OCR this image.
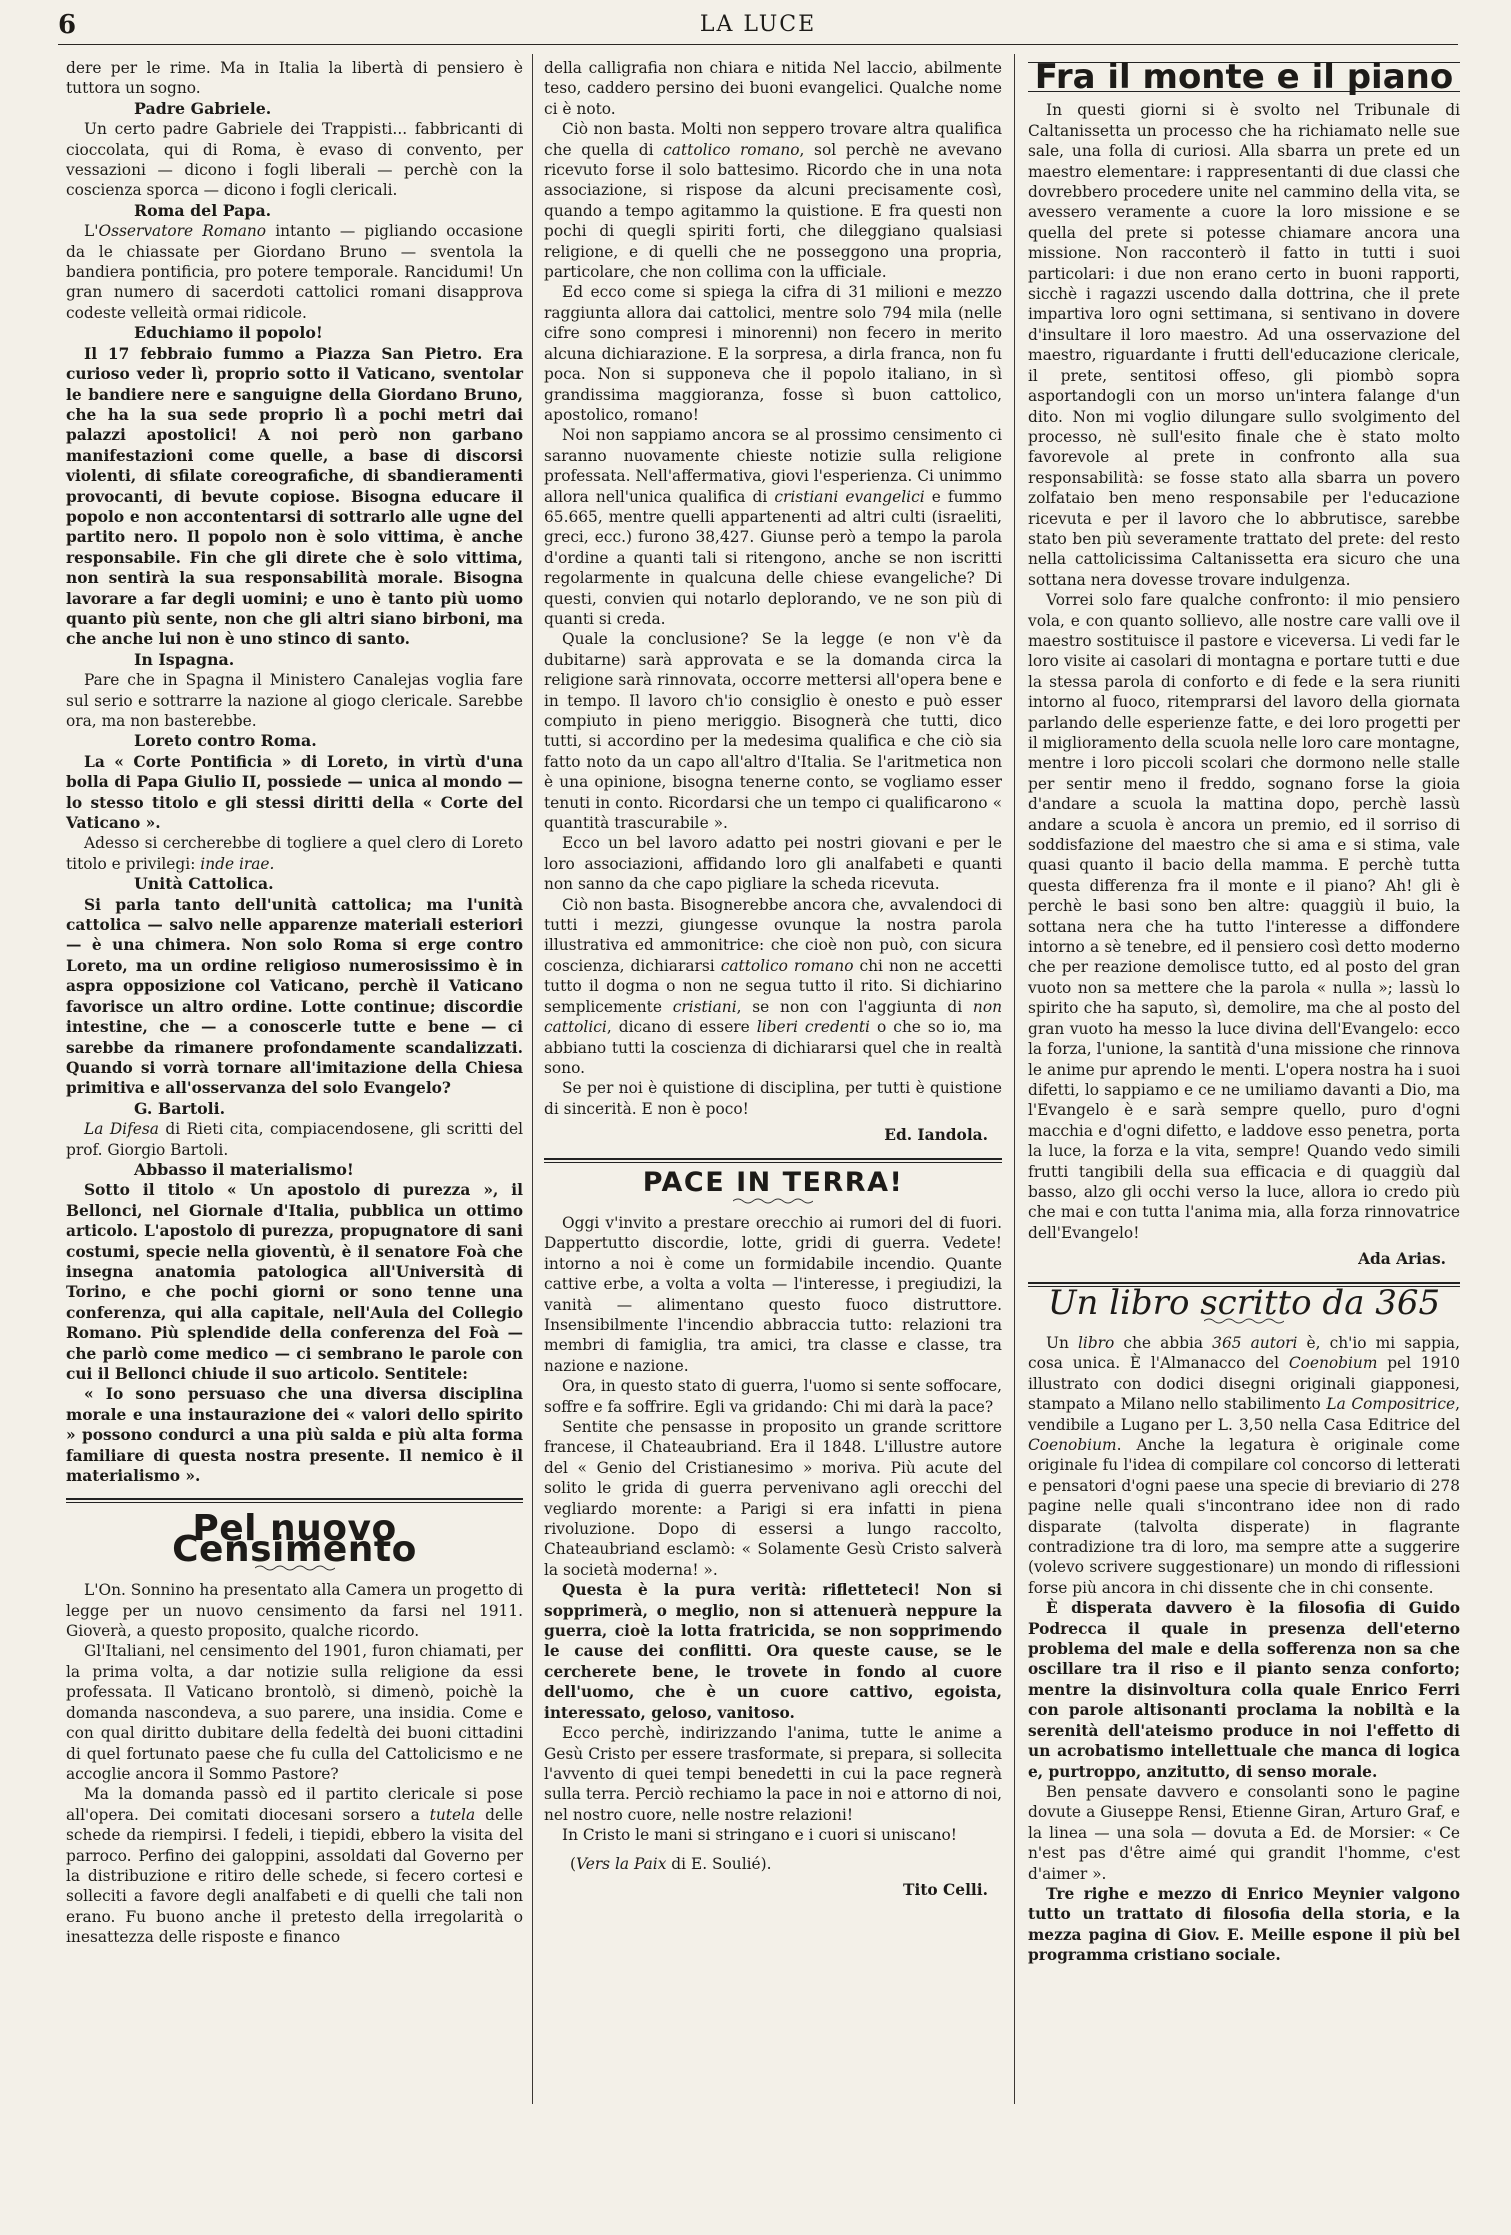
6	LA LUCE

dere per le rime. Ma in Italia la libertà di pensiero è tuttora un sogno.

Padre Gabriele.

Un certo padre Gabriele dei Trappisti... fabbricanti di cioccolata, qui di Roma, è evaso di convento, per vessazioni — dicono i fogli liberali — perchè con la coscienza sporca — dicono i fogli clericali.

Roma del Papa.

L'Osservatore Romano intanto — pigliando occasione da le chiassate per Giordano Bruno — sventola la bandiera pontificia, pro potere temporale. Rancidumi! Un gran numero di sacerdoti cattolici romani disapprova codeste velleità ormai ridicole.

Educhiamo il popolo!

Il 17 febbraio fummo a Piazza San Pietro. Era curioso veder lì, proprio sotto il Vaticano, sventolar le bandiere nere e sanguigne della Giordano Bruno, che ha la sua sede proprio lì a pochi metri dai palazzi apostolici! A noi però non garbano manifestazioni come quelle, a base di discorsi violenti, di sfilate coreografiche, di sbandieramenti provocanti, di bevute copiose. Bisogna educare il popolo e non accontentarsi di sottrarlo alle ugne del partito nero. Il popolo non è solo vittima, è anche responsabile. Fin che gli direte che è solo vittima, non sentirà la sua responsabilità morale. Bisogna lavorare a far degli uomini; e uno è tanto più uomo quanto più sente, non che gli altri siano birboni, ma che anche lui non è uno stinco di santo.

In Ispagna.

Pare che in Spagna il Ministero Canalejas voglia fare sul serio e sottrarre la nazione al giogo clericale. Sarebbe ora, ma non basterebbe.

Loreto contro Roma.

La « Corte Pontificia » di Loreto, in virtù d'una bolla di Papa Giulio II, possiede — unica al mondo — lo stesso titolo e gli stessi diritti della « Corte del Vaticano ».

Adesso si cercherebbe di togliere a quel clero di Loreto titolo e privilegi: inde irae.

Unità Cattolica.

Si parla tanto dell'unità cattolica; ma l'unità cattolica — salvo nelle apparenze materiali esteriori — è una chimera. Non solo Roma si erge contro Loreto, ma un ordine religioso numerosissimo è in aspra opposizione col Vaticano, perchè il Vaticano favorisce un altro ordine. Lotte continue; discordie intestine, che — a conoscerle tutte e bene — ci sarebbe da rimanere profondamente scandalizzati. Quando si vorrà tornare all'imitazione della Chiesa primitiva e all'osservanza del solo Evangelo?

G. Bartoli.

La Difesa di Rieti cita, compiacendosene, gli scritti del prof. Giorgio Bartoli.

Abbasso il materialismo!

Sotto il titolo « Un apostolo di purezza », il Bellonci, nel Giornale d'Italia, pubblica un ottimo articolo. L'apostolo di purezza, propugnatore di sani costumi, specie nella gioventù, è il senatore Foà che insegna anatomia patologica all'Università di Torino, e che pochi giorni or sono tenne una conferenza, qui alla capitale, nell'Aula del Collegio Romano. Più splendide della conferenza del Foà — che parlò come medico — ci sembrano le parole con cui il Bellonci chiude il suo articolo. Sentitele:

« Io sono persuaso che una diversa disciplina morale e una instaurazione dei « valori dello spirito » possono condurci a una più salda e più alta forma familiare di questa nostra presente. Il nemico è il materialismo ».

Pel nuovo Censimento

L'On. Sonnino ha presentato alla Camera un progetto di legge per un nuovo censimento da farsi nel 1911. Gioverà, a questo proposito, qualche ricordo.

Gl'Italiani, nel censimento del 1901, furon chiamati, per la prima volta, a dar notizie sulla religione da essi professata. Il Vaticano brontolò, si dimenò, poichè la domanda nascondeva, a suo parere, una insidia. Come e con qual diritto dubitare della fedeltà dei buoni cittadini di quel fortunato paese che fu culla del Cattolicismo e ne accoglie ancora il Sommo Pastore?

Ma la domanda passò ed il partito clericale si pose all'opera. Dei comitati diocesani sorsero a tutela delle schede da riempirsi. I fedeli, i tiepidi, ebbero la visita del parroco. Perfino dei galoppini, assoldati dal Governo per la distribuzione e ritiro delle schede, si fecero cortesi e solleciti a favore degli analfabeti e di quelli che tali non erano. Fu buono anche il pretesto della irregolarità o inesattezza delle risposte e financo

della calligrafia non chiara e nitida Nel laccio, abilmente teso, caddero persino dei buoni evangelici. Qualche nome ci è noto.

Ciò non basta. Molti non seppero trovare altra qualifica che quella di cattolico romano, sol perchè ne avevano ricevuto forse il solo battesimo. Ricordo che in una nota associazione, si rispose da alcuni precisamente così, quando a tempo agitammo la quistione. E fra questi non pochi di quegli spiriti forti, che dileggiano qualsiasi religione, e di quelli che ne posseggono una propria, particolare, che non collima con la ufficiale.

Ed ecco come si spiega la cifra di 31 milioni e mezzo raggiunta allora dai cattolici, mentre solo 794 mila (nelle cifre sono compresi i minorenni) non fecero in merito alcuna dichiarazione. E la sorpresa, a dirla franca, non fu poca. Non si supponeva che il popolo italiano, in sì grandissima maggioranza, fosse sì buon cattolico, apostolico, romano!

Noi non sappiamo ancora se al prossimo censimento ci saranno nuovamente chieste notizie sulla religione professata. Nell'affermativa, giovi l'esperienza. Ci unimmo allora nell'unica qualifica di cristiani evangelici e fummo 65.665, mentre quelli appartenenti ad altri culti (israeliti, greci, ecc.) furono 38,427. Giunse però a tempo la parola d'ordine a quanti tali si ritengono, anche se non iscritti regolarmente in qualcuna delle chiese evangeliche? Di questi, convien qui notarlo deplorando, ve ne son più di quanti si creda.

Quale la conclusione? Se la legge (e non v'è da dubitarne) sarà approvata e se la domanda circa la religione sarà rinnovata, occorre mettersi all'opera bene e in tempo. Il lavoro ch'io consiglio è onesto e può esser compiuto in pieno meriggio. Bisognerà che tutti, dico tutti, si accordino per la medesima qualifica e che ciò sia fatto noto da un capo all'altro d'Italia. Se l'aritmetica non è una opinione, bisogna tenerne conto, se vogliamo esser tenuti in conto. Ricordarsi che un tempo ci qualificarono « quantità trascurabile ».

Ecco un bel lavoro adatto pei nostri giovani e per le loro associazioni, affidando loro gli analfabeti e quanti non sanno da che capo pigliare la scheda ricevuta.

Ciò non basta. Bisognerebbe ancora che, avvalendoci di tutti i mezzi, giungesse ovunque la nostra parola illustrativa ed ammonitrice: che cioè non può, con sicura coscienza, dichiararsi cattolico romano chi non ne accetti tutto il dogma o non ne segua tutto il rito. Si dichiarino semplicemente cristiani, se non con l'aggiunta di non cattolici, dicano di essere liberi credenti o che so io, ma abbiano tutti la coscienza di dichiararsi quel che in realtà sono.

Se per noi è quistione di disciplina, per tutti è quistione di sincerità. E non è poco!

Ed. Iandola.

PACE IN TERRA!

Oggi v'invito a prestare orecchio ai rumori del di fuori. Dappertutto discordie, lotte, gridi di guerra. Vedete! intorno a noi è come un formidabile incendio. Quante cattive erbe, a volta a volta — l'interesse, i pregiudizi, la vanità — alimentano questo fuoco distruttore. Insensibilmente l'incendio abbraccia tutto: relazioni tra membri di famiglia, tra amici, tra classe e classe, tra nazione e nazione.

Ora, in questo stato di guerra, l'uomo si sente soffocare, soffre e fa soffrire. Egli va gridando: Chi mi darà la pace?

Sentite che pensasse in proposito un grande scrittore francese, il Chateaubriand. Era il 1848. L'illustre autore del « Genio del Cristianesimo » moriva. Più acute del solito le grida di guerra pervenivano agli orecchi del vegliardo morente: a Parigi si era infatti in piena rivoluzione. Dopo di essersi a lungo raccolto, Chateaubriand esclamò: « Solamente Gesù Cristo salverà la società moderna! ».

Questa è la pura verità: rifletteteci! Non si sopprimerà, o meglio, non si attenuerà neppure la guerra, cioè la lotta fratricida, se non sopprimendo le cause dei conflitti. Ora queste cause, se le cercherete bene, le trovete in fondo al cuore dell'uomo, che è un cuore cattivo, egoista, interessato, geloso, vanitoso.

Ecco perchè, indirizzando l'anima, tutte le anime a Gesù Cristo per essere trasformate, si prepara, si sollecita l'avvento di quei tempi benedetti in cui la pace regnerà sulla terra. Perciò rechiamo la pace in noi e attorno di noi, nel nostro cuore, nelle nostre relazioni!

In Cristo le mani si stringano e i cuori si uniscano!

(Vers la Paix di E. Soulié).

Tito Celli.

Fra il monte e il piano

In questi giorni si è svolto nel Tribunale di Caltanissetta un processo che ha richiamato nelle sue sale, una folla di curiosi. Alla sbarra un prete ed un maestro elementare: i rappresentanti di due classi che dovrebbero procedere unite nel cammino della vita, se avessero veramente a cuore la loro missione e se quella del prete si potesse chiamare ancora una missione. Non racconterò il fatto in tutti i suoi particolari: i due non erano certo in buoni rapporti, sicchè i ragazzi uscendo dalla dottrina, che il prete impartiva loro ogni settimana, si sentivano in dovere d'insultare il loro maestro. Ad una osservazione del maestro, riguardante i frutti dell'educazione clericale, il prete, sentitosi offeso, gli piombò sopra asportandogli con un morso un'intera falange d'un dito. Non mi voglio dilungare sullo svolgimento del processo, nè sull'esito finale che è stato molto favorevole al prete in confronto alla sua responsabilità: se fosse stato alla sbarra un povero zolfataio ben meno responsabile per l'educazione ricevuta e per il lavoro che lo abbrutisce, sarebbe stato ben più severamente trattato del prete: del resto nella cattolicissima Caltanissetta era sicuro che una sottana nera dovesse trovare indulgenza.

Vorrei solo fare qualche confronto: il mio pensiero vola, e con quanto sollievo, alle nostre care valli ove il maestro sostituisce il pastore e viceversa. Li vedi far le loro visite ai casolari di montagna e portare tutti e due la stessa parola di conforto e di fede e la sera riuniti intorno al fuoco, ritemprarsi del lavoro della giornata parlando delle esperienze fatte, e dei loro progetti per il miglioramento della scuola nelle loro care montagne, mentre i loro piccoli scolari che dormono nelle stalle per sentir meno il freddo, sognano forse la gioia d'andare a scuola la mattina dopo, perchè lassù andare a scuola è ancora un premio, ed il sorriso di soddisfazione del maestro che si ama e si stima, vale quasi quanto il bacio della mamma. E perchè tutta questa differenza fra il monte e il piano? Ah! gli è perchè le basi sono ben altre: quaggiù il buio, la sottana nera che ha tutto l'interesse a diffondere intorno a sè tenebre, ed il pensiero così detto moderno che per reazione demolisce tutto, ed al posto del gran vuoto non sa mettere che la parola « nulla »; lassù lo spirito che ha saputo, sì, demolire, ma che al posto del gran vuoto ha messo la luce divina dell'Evangelo: ecco la forza, l'unione, la santità d'una missione che rinnova le anime pur aprendo le menti. L'opera nostra ha i suoi difetti, lo sappiamo e ce ne umiliamo davanti a Dio, ma l'Evangelo è e sarà sempre quello, puro d'ogni macchia e d'ogni difetto, e laddove esso penetra, porta la luce, la forza e la vita, sempre! Quando vedo simili frutti tangibili della sua efficacia e di quaggiù dal basso, alzo gli occhi verso la luce, allora io credo più che mai e con tutta l'anima mia, alla forza rinnovatrice dell'Evangelo!

Ada Arias.

Un libro scritto da 365

Un libro che abbia 365 autori è, ch'io mi sappia, cosa unica. È l'Almanacco del Coenobium pel 1910 illustrato con dodici disegni originali giapponesi, stampato a Milano nello stabilimento La Compositrice, vendibile a Lugano per L. 3,50 nella Casa Editrice del Coenobium. Anche la legatura è originale come originale fu l'idea di compilare col concorso di letterati e pensatori d'ogni paese una specie di breviario di 278 pagine nelle quali s'incontrano idee non di rado disparate (talvolta disperate) in flagrante contradizione tra di loro, ma sempre atte a suggerire (volevo scrivere suggestionare) un mondo di riflessioni forse più ancora in chi dissente che in chi consente.

È disperata davvero è la filosofia di Guido Podrecca il quale in presenza dell'eterno problema del male e della sofferenza non sa che oscillare tra il riso e il pianto senza conforto; mentre la disinvoltura colla quale Enrico Ferri con parole altisonanti proclama la nobiltà e la serenità dell'ateismo produce in noi l'effetto di un acrobatismo intellettuale che manca di logica e, purtroppo, anzitutto, di senso morale.

Ben pensate davvero e consolanti sono le pagine dovute a Giuseppe Rensi, Etienne Giran, Arturo Graf, e la linea — una sola — dovuta a Ed. de Morsier: « Ce n'est pas d'être aimé qui grandit l'homme, c'est d'aimer ».

Tre righe e mezzo di Enrico Meynier valgono tutto un trattato di filosofia della storia, e la mezza pagina di Giov. E. Meille espone il più bel programma cristiano sociale.
